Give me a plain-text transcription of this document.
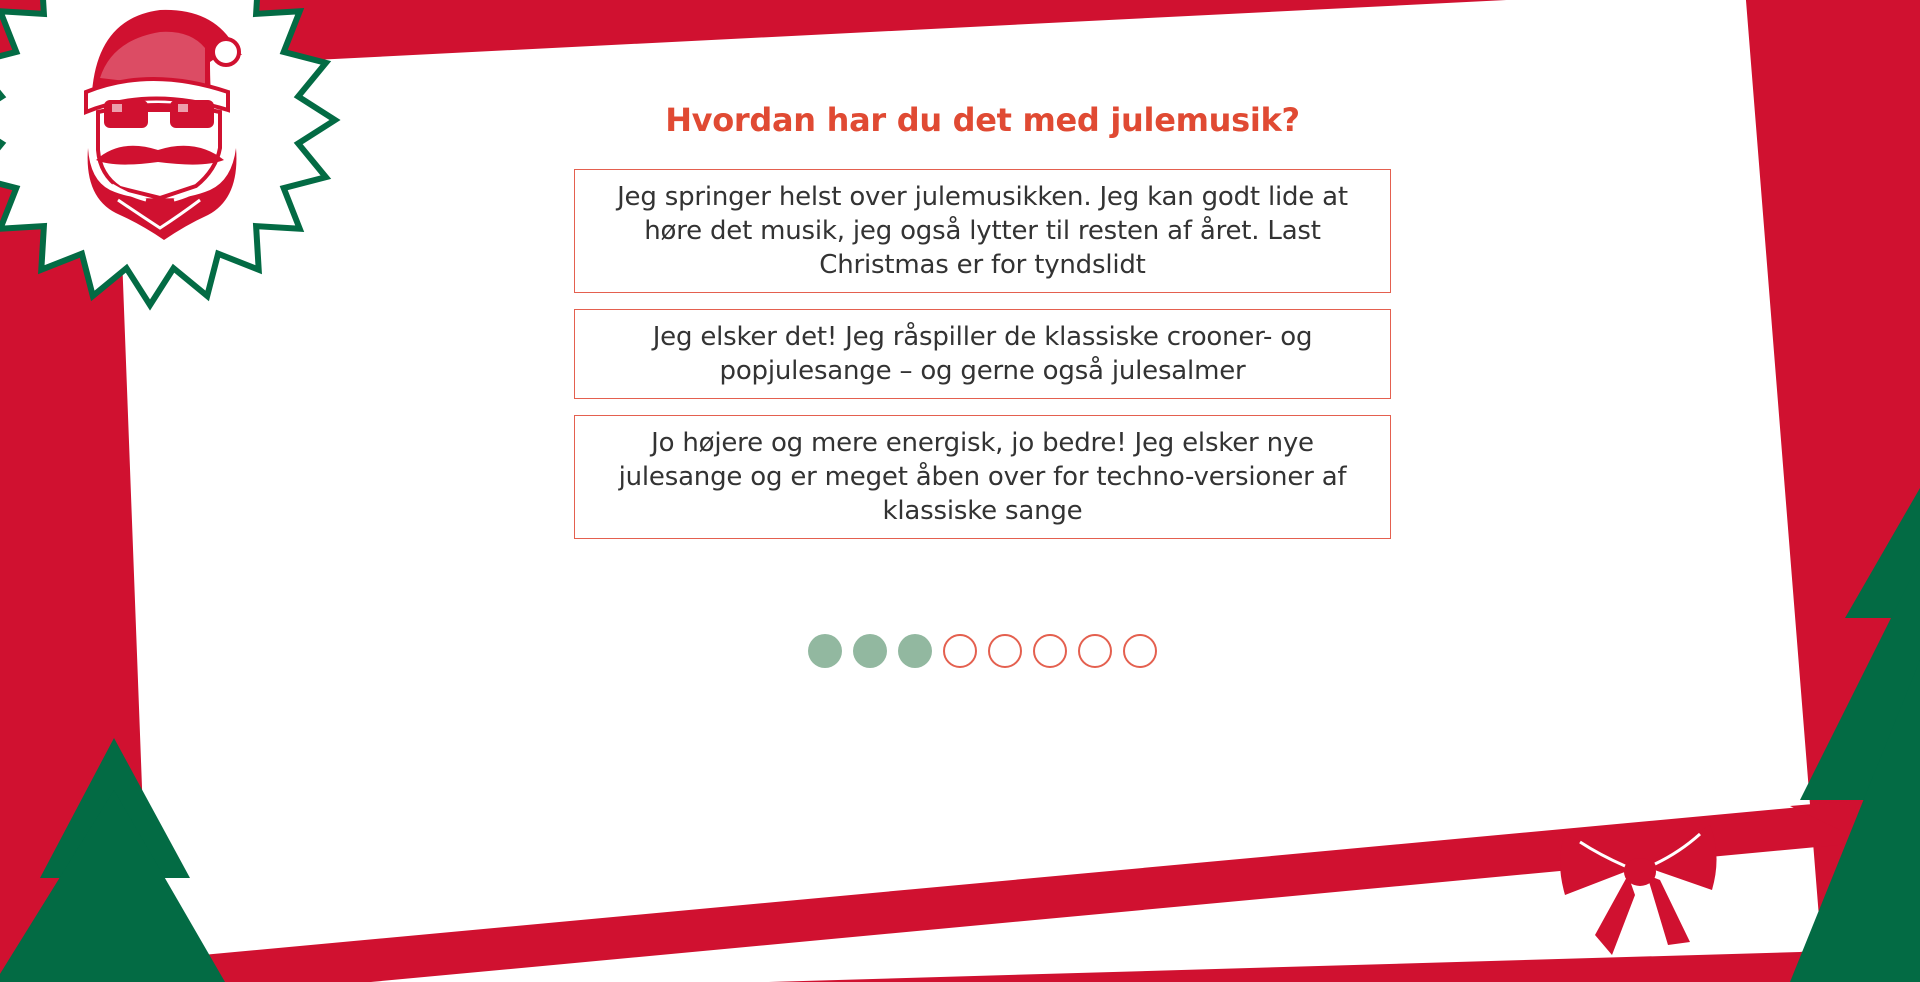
Hvordan har du det med julemusik?
Jeg springer helst over julemusikken. Jeg kan godt lide at høre det musik, jeg også lytter til resten af året. Last Christmas er for tyndslidt
Jeg elsker det! Jeg råspiller de klassiske crooner- og popjulesange – og gerne også julesalmer
Jo højere og mere energisk, jo bedre! Jeg elsker nye julesange og er meget åben over for techno-versioner af klassiske sange
